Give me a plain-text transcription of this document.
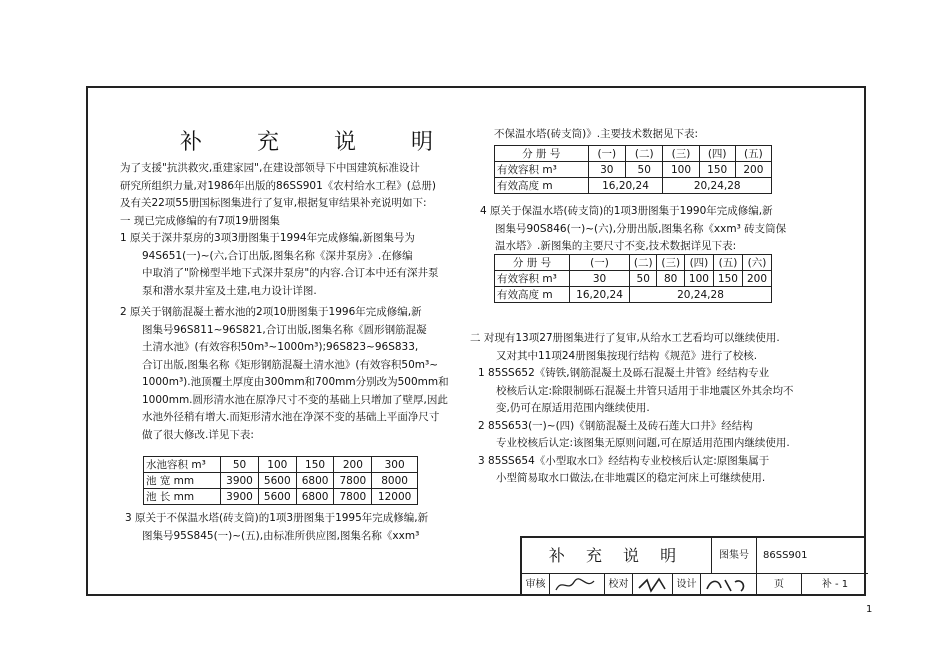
补 充 说 明
为了支援"抗洪救灾,重建家园",在建设部领导下中国建筑标准设计
研究所组织力量,对1986年出版的86SS901《农村给水工程》(总册)
及有关22项55册国标图集进行了复审,根据复审结果补充说明如下:
一 现已完成修编的有7项19册图集
1 原关于深井泵房的3项3册图集于1994年完成修编,新图集号为
94S651(一)~(六,合订出版,图集名称《深井泵房》.在修编
中取消了"阶梯型半地下式深井泵房"的内容.合订本中还有深井泵
泵和潜水泵井室及土建,电力设计详图.
2 原关于钢筋混凝土蓄水池的2项10册图集于1996年完成修编,新
图集号96S811~96S821,合订出版,图集名称《圆形钢筋混凝
土清水池》(有效容积50m³~1000m³);96S823~96S833,
合订出版,图集名称《矩形钢筋混凝土清水池》(有效容积50m³~
1000m³).池顶覆土厚度由300mm和700mm分别改为500mm和
1000mm.圆形清水池在原净尺寸不变的基础上只增加了壁厚,因此
水池外径稍有增大.而矩形清水池在净深不变的基础上平面净尺寸
做了很大修改.详见下表:
水池容积 m³	50	100	150	200	300
池 宽 mm	3900	5600	6800	7800	8000
池 长 mm	3900	5600	6800	7800	12000
3 原关于不保温水塔(砖支筒)的1项3册图集于1995年完成修编,新
图集号95S845(一)~(五),由标准所供应图,图集名称《xxm³
不保温水塔(砖支筒)》.主要技术数据见下表:
分 册 号	(一)	(二)	(三)	(四)	(五)
有效容积 m³	30	50	100	150	200
有效高度 m	16,20,24		20,24,28		
4 原关于保温水塔(砖支筒)的1项3册图集于1990年完成修编,新
图集号90S846(一)~(六),分册出版,图集名称《xxm³ 砖支筒保
温水塔》.新图集的主要尺寸不变,技术数据详见下表:
分 册 号	(一)	(二)	(三)	(四)	(五)	(六)
有效容积 m³	30	50	80	100	150	200
有效高度 m	16,20,24	20,24,28				
二 对现有13项27册图集进行了复审,从给水工艺看均可以继续使用.
又对其中11项24册图集按现行结构《规范》进行了校核.
1 85SS652《铸铁,钢筋混凝土及砾石混凝土井管》经结构专业
校核后认定:除限制砾石混凝土井管只适用于非地震区外其余均不
变,仍可在原适用范围内继续使用.
2 85S653(一)~(四)《钢筋混凝土及砖石莲大口井》经结构
专业校核后认定:该图集无原则问题,可在原适用范围内继续使用.
3 85SS654《小型取水口》经结构专业校核后认定:原图集属于
小型简易取水口做法,在非地震区的稳定河床上可继续使用.
补 充 说 明	图集号	86SS901
审核	校对	设计	页	补 - 1
1
